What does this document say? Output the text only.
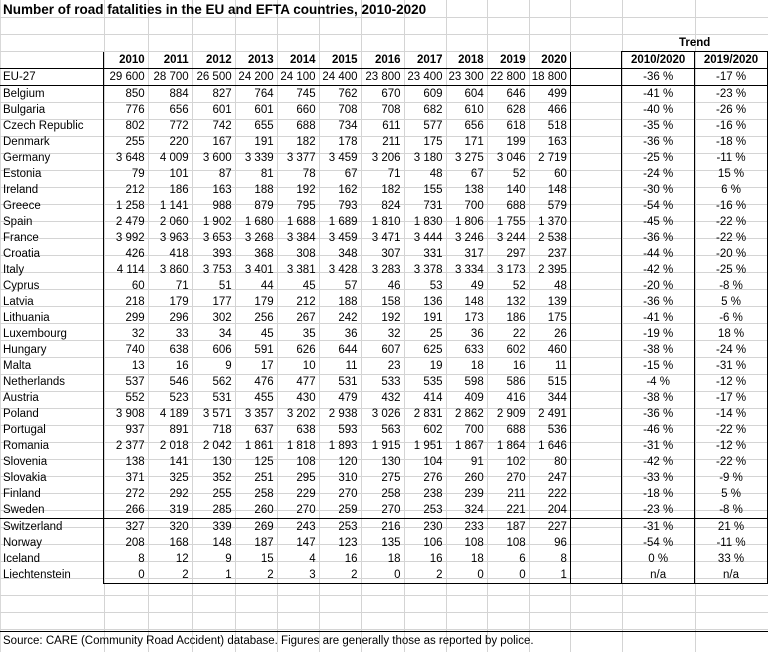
Number of road fatalities in the EU and EFTA countries, 2010-2020
													Trend	
	2010	2011	2012	2013	2014	2015	2016	2017	2018	2019	2020		2010/2020	2019/2020
EU-27	29 600	28 700	26 500	24 200	24 100	24 400	23 800	23 400	23 300	22 800	18 800		-36 %	-17 %
Belgium	850	884	827	764	745	762	670	609	604	646	499		-41 %	-23 %
Bulgaria	776	656	601	601	660	708	708	682	610	628	466		-40 %	-26 %
Czech Republic	802	772	742	655	688	734	611	577	656	618	518		-35 %	-16 %
Denmark	255	220	167	191	182	178	211	175	171	199	163		-36 %	-18 %
Germany	3 648	4 009	3 600	3 339	3 377	3 459	3 206	3 180	3 275	3 046	2 719		-25 %	-11 %
Estonia	79	101	87	81	78	67	71	48	67	52	60		-24 %	15 %
Ireland	212	186	163	188	192	162	182	155	138	140	148		-30 %	6 %
Greece	1 258	1 141	988	879	795	793	824	731	700	688	579		-54 %	-16 %
Spain	2 479	2 060	1 902	1 680	1 688	1 689	1 810	1 830	1 806	1 755	1 370		-45 %	-22 %
France	3 992	3 963	3 653	3 268	3 384	3 459	3 471	3 444	3 246	3 244	2 538		-36 %	-22 %
Croatia	426	418	393	368	308	348	307	331	317	297	237		-44 %	-20 %
Italy	4 114	3 860	3 753	3 401	3 381	3 428	3 283	3 378	3 334	3 173	2 395		-42 %	-25 %
Cyprus	60	71	51	44	45	57	46	53	49	52	48		-20 %	-8 %
Latvia	218	179	177	179	212	188	158	136	148	132	139		-36 %	5 %
Lithuania	299	296	302	256	267	242	192	191	173	186	175		-41 %	-6 %
Luxembourg	32	33	34	45	35	36	32	25	36	22	26		-19 %	18 %
Hungary	740	638	606	591	626	644	607	625	633	602	460		-38 %	-24 %
Malta	13	16	9	17	10	11	23	19	18	16	11		-15 %	-31 %
Netherlands	537	546	562	476	477	531	533	535	598	586	515		-4 %	-12 %
Austria	552	523	531	455	430	479	432	414	409	416	344		-38 %	-17 %
Poland	3 908	4 189	3 571	3 357	3 202	2 938	3 026	2 831	2 862	2 909	2 491		-36 %	-14 %
Portugal	937	891	718	637	638	593	563	602	700	688	536		-46 %	-22 %
Romania	2 377	2 018	2 042	1 861	1 818	1 893	1 915	1 951	1 867	1 864	1 646		-31 %	-12 %
Slovenia	138	141	130	125	108	120	130	104	91	102	80		-42 %	-22 %
Slovakia	371	325	352	251	295	310	275	276	260	270	247		-33 %	-9 %
Finland	272	292	255	258	229	270	258	238	239	211	222		-18 %	5 %
Sweden	266	319	285	260	270	259	270	253	324	221	204		-23 %	-8 %
Switzerland	327	320	339	269	243	253	216	230	233	187	227		-31 %	21 %
Norway	208	168	148	187	147	123	135	106	108	108	96		-54 %	-11 %
Iceland	8	12	9	15	4	16	18	16	18	6	8		0 %	33 %
Liechtenstein	0	2	1	2	3	2	0	2	0	0	1		n/a	n/a
Source: CARE (Community Road Accident) database. Figures are generally those as reported by police.
